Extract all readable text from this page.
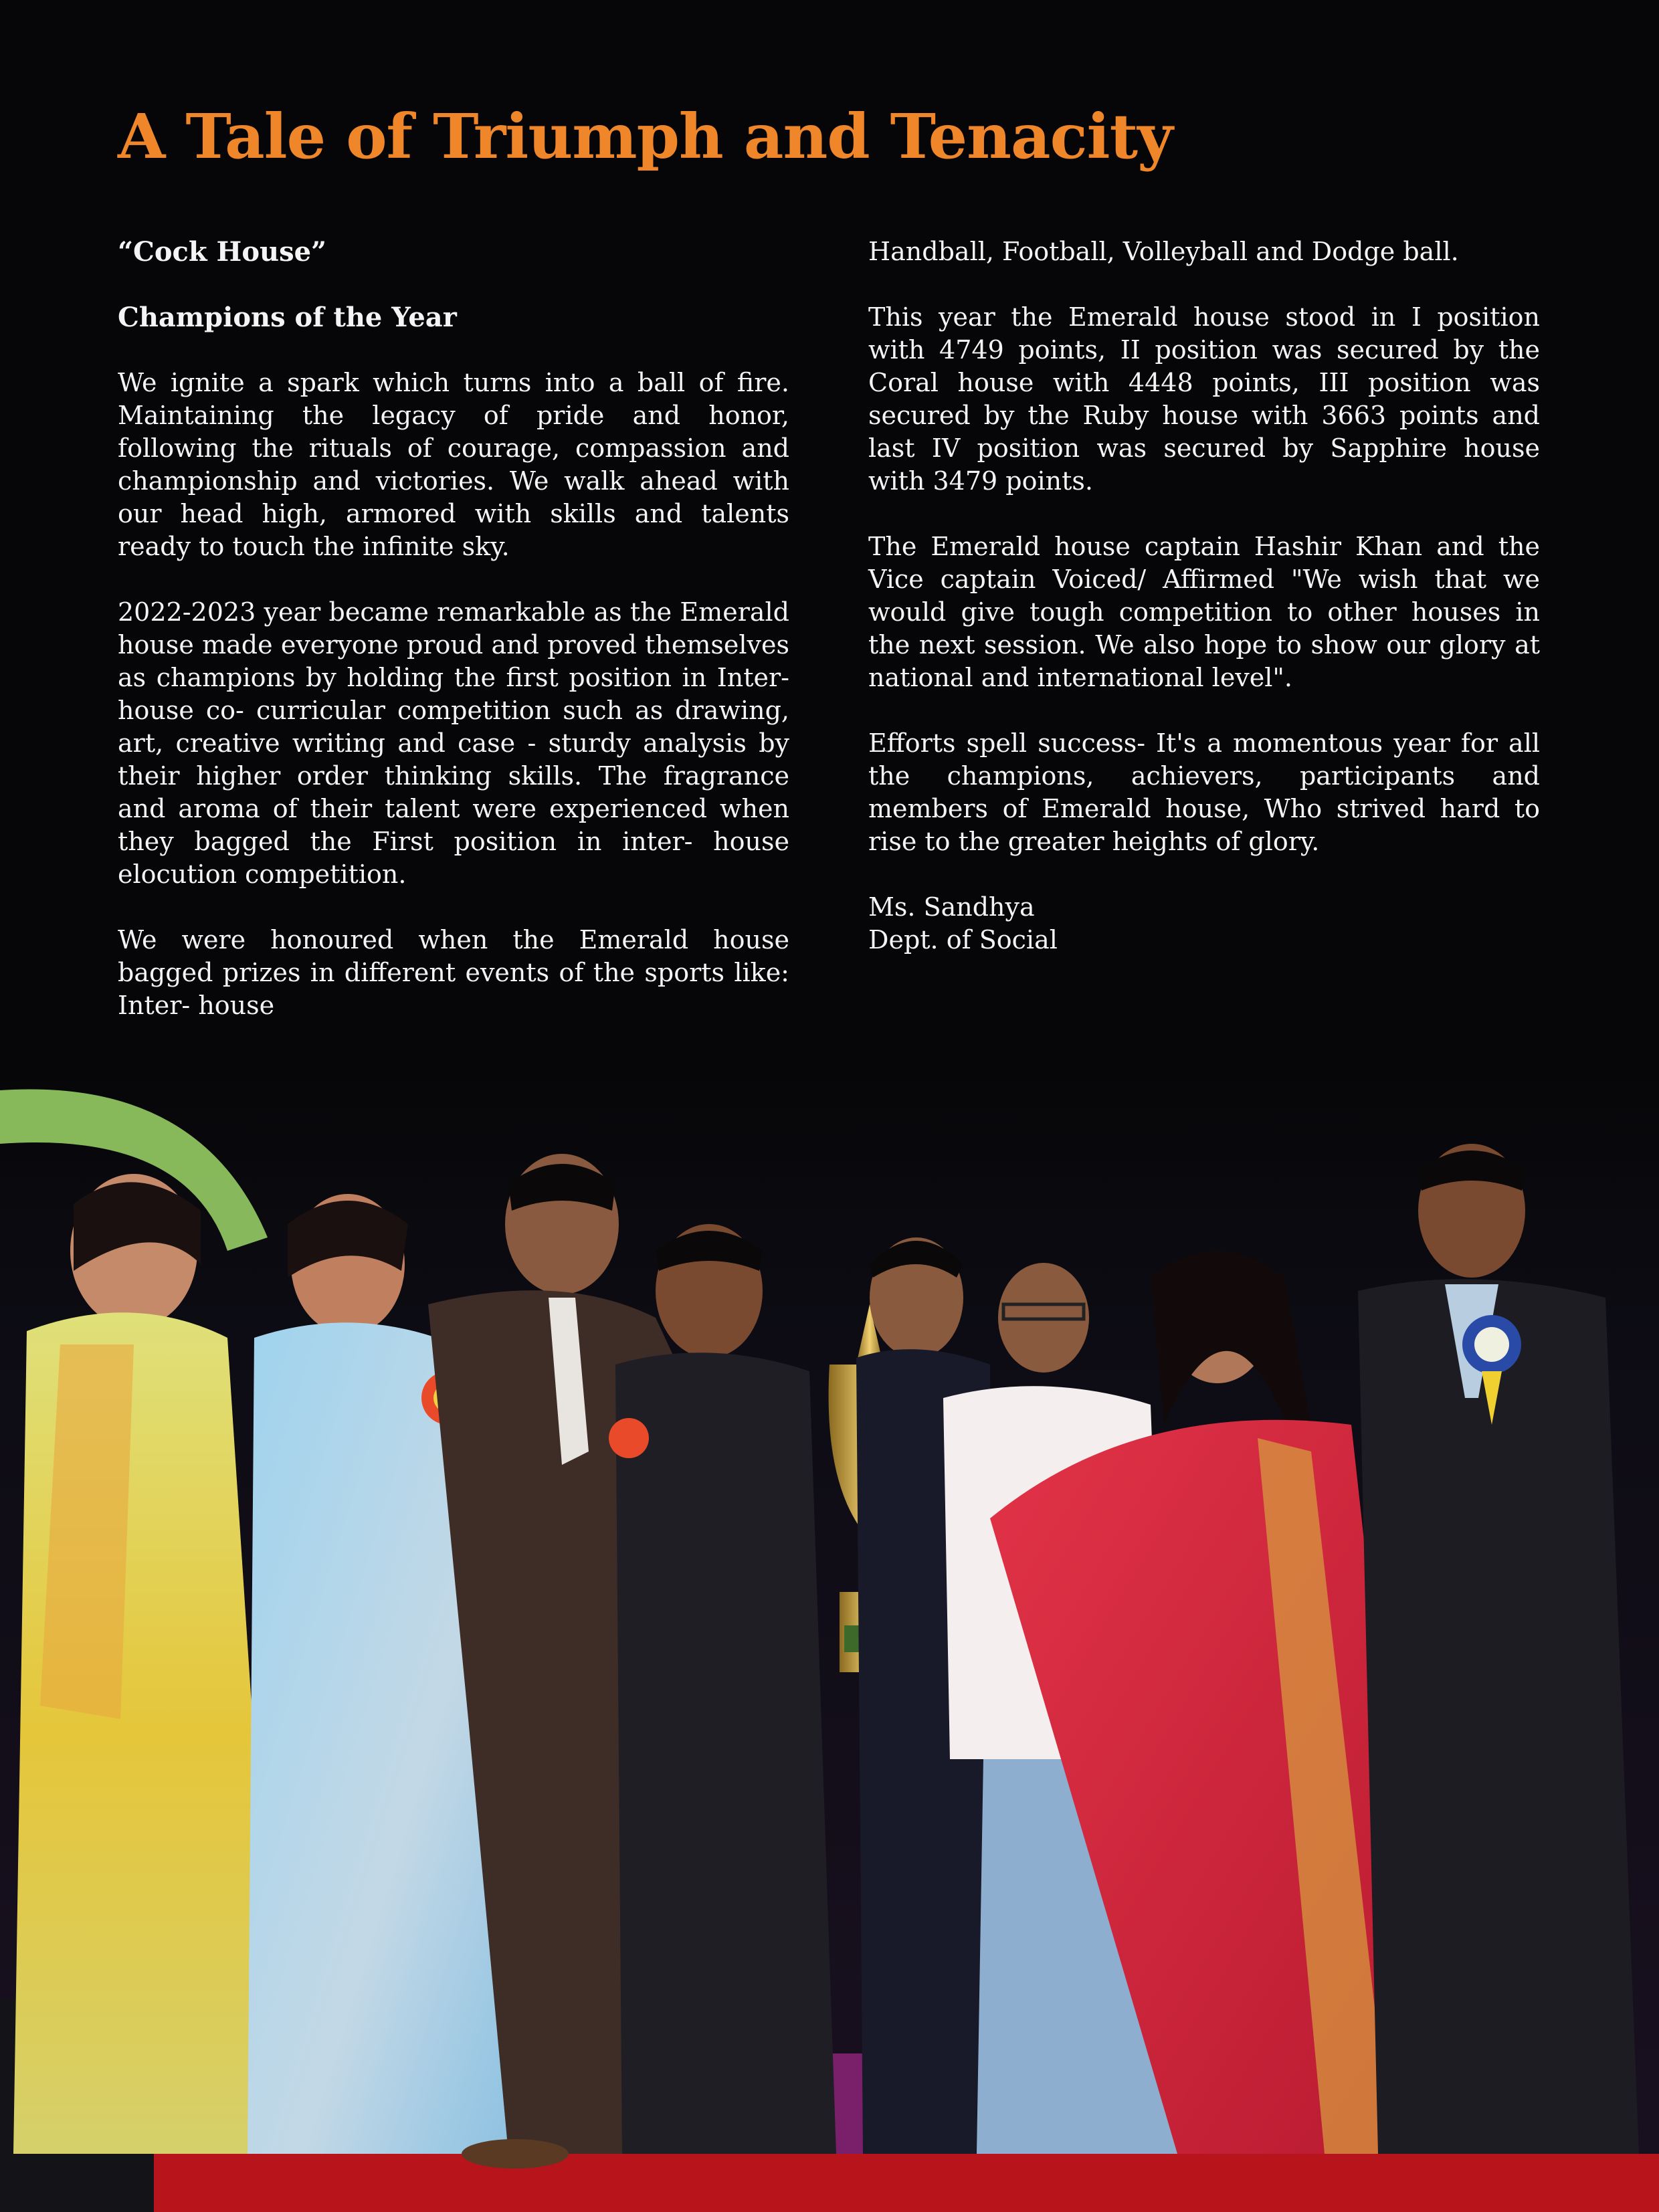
A Tale of Triumph and Tenacity

“Cock House”

Champions of the Year

We ignite a spark which turns into a ball of fire. Maintaining the legacy of pride and honor, following the rituals of courage, compassion and championship and victories. We walk ahead with our head high, armored with skills and talents ready to touch the infinite sky.

2022-2023 year became remarkable as the Emerald house made everyone proud and proved themselves as champions by holding the first position in Inter- house co- curricular competition such as drawing, art, creative writing and case - sturdy analysis by their higher order thinking skills. The fragrance and aroma of their talent were experienced when they bagged the First position in inter- house elocution competition.

We were honoured when the Emerald house bagged prizes in different events of the sports like: Inter- house

Handball, Football, Volleyball and Dodge ball.

This year the Emerald house stood in I position with 4749 points, II position was secured by the Coral house with 4448 points, III position was secured by the Ruby house with 3663 points and last IV position was secured by Sapphire house with 3479 points.

The Emerald house captain Hashir Khan and the Vice captain Voiced/ Affirmed "We wish that we would give tough competition to other houses in the next session. We also hope to show our glory at national and international level".

Efforts spell success- It's a momentous year for all the champions, achievers, participants and members of Emerald house, Who strived hard to rise to the greater heights of glory.

Ms. Sandhya

Dept. of Social
